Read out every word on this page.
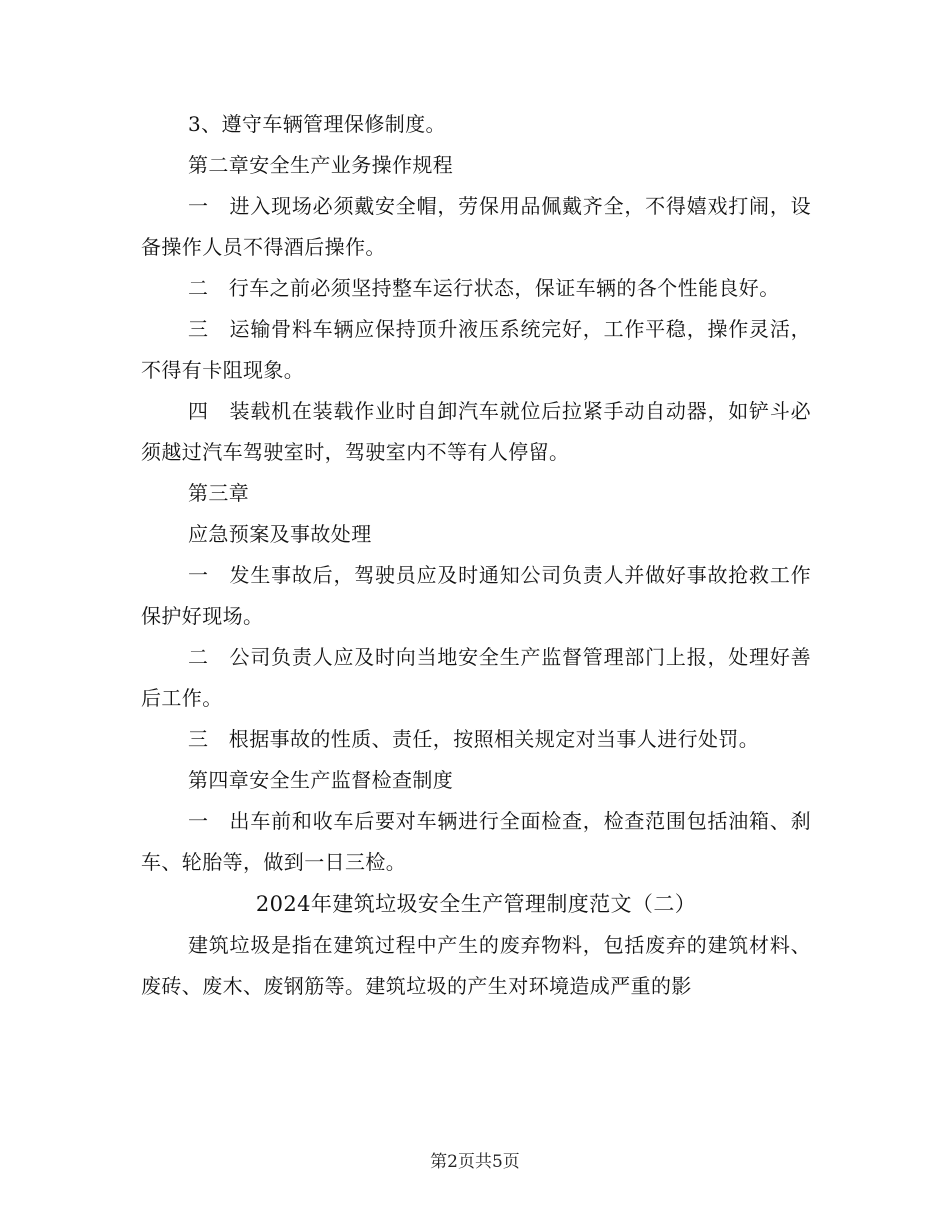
3、遵守车辆管理保修制度。

第二章安全生产业务操作规程

一　进入现场必须戴安全帽，劳保用品佩戴齐全，不得嬉戏打闹，设备操作人员不得酒后操作。

二　行车之前必须坚持整车运行状态，保证车辆的各个性能良好。

三　运输骨料车辆应保持顶升液压系统完好，工作平稳，操作灵活，不得有卡阻现象。

四　装载机在装载作业时自卸汽车就位后拉紧手动自动器，如铲斗必须越过汽车驾驶室时，驾驶室内不等有人停留。

第三章

应急预案及事故处理

一　发生事故后，驾驶员应及时通知公司负责人并做好事故抢救工作保护好现场。

二　公司负责人应及时向当地安全生产监督管理部门上报，处理好善后工作。

三　根据事故的性质、责任，按照相关规定对当事人进行处罚。

第四章安全生产监督检查制度

一　出车前和收车后要对车辆进行全面检查，检查范围包括油箱、刹车、轮胎等，做到一日三检。

2024年建筑垃圾安全生产管理制度范文（二）

建筑垃圾是指在建筑过程中产生的废弃物料，包括废弃的建筑材料、废砖、废木、废钢筋等。建筑垃圾的产生对环境造成严重的影

第2页共5页
